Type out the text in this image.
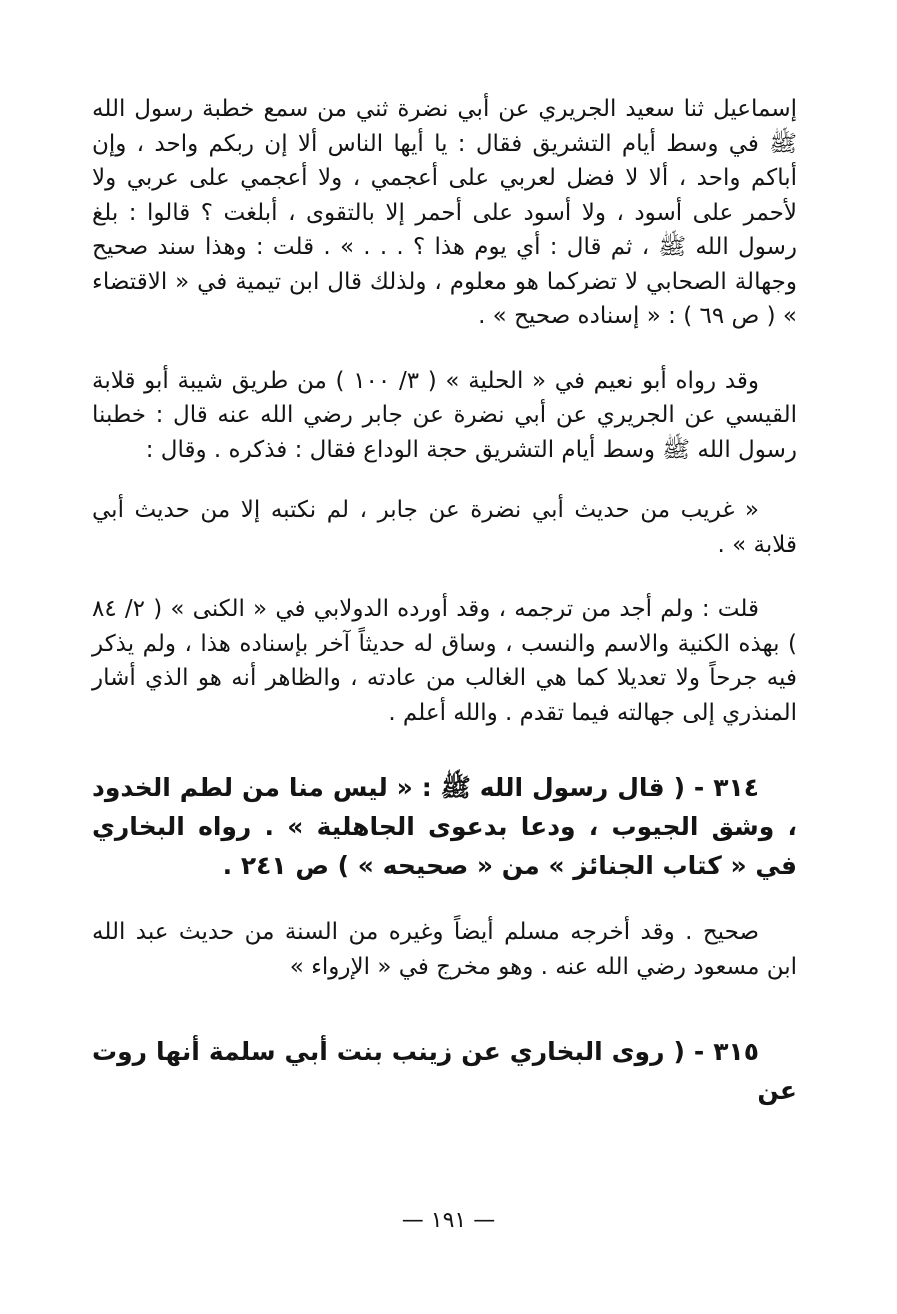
إسماعيل ثنا سعيد الجريري عن أبي نضرة ثني من سمع خطبة رسول الله ﷺ في وسط أيام التشريق فقال : يا أيها الناس ألا إن ربكم واحد ، وإن أباكم واحد ، ألا لا فضل لعربي على أعجمي ، ولا أعجمي على عربي ولا لأحمر على أسود ، ولا أسود على أحمر إلا بالتقوى ، أبلغت ؟ قالوا : بلغ رسول الله ﷺ ، ثم قال : أي يوم هذا ؟ . . . » . قلت : وهذا سند صحيح وجهالة الصحابي لا تضركما هو معلوم ، ولذلك قال ابن تيمية في « الاقتضاء » ( ص ٦٩ ) : « إسناده صحيح » .

وقد رواه أبو نعيم في « الحلية » ( ٣/ ١٠٠ ) من طريق شيبة أبو قلابة القيسي عن الجريري عن أبي نضرة عن جابر رضي الله عنه قال : خطبنا رسول الله ﷺ وسط أيام التشريق حجة الوداع فقال : فذكره . وقال :

« غريب من حديث أبي نضرة عن جابر ، لم نكتبه إلا من حديث أبي قلابة » .

قلت : ولم أجد من ترجمه ، وقد أورده الدولابي في « الكنى » ( ٢/ ٨٤ ) بهذه الكنية والاسم والنسب ، وساق له حديثاً آخر بإسناده هذا ، ولم يذكر فيه جرحاً ولا تعديلا كما هي الغالب من عادته ، والظاهر أنه هو الذي أشار المنذري إلى جهالته فيما تقدم . والله أعلم .

٣١٤ - ( قال رسول الله ﷺ : « ليس منا من لطم الخدود ، وشق الجيوب ، ودعا بدعوى الجاهلية » . رواه البخاري في « كتاب الجنائز » من « صحيحه » ) ص ٢٤١ .

صحيح . وقد أخرجه مسلم أيضاً وغيره من السنة من حديث عبد الله ابن مسعود رضي الله عنه . وهو مخرج في « الإرواء »

٣١٥ - ( روى البخاري عن زينب بنت أبي سلمة أنها روت عن

— ١٩١ —
